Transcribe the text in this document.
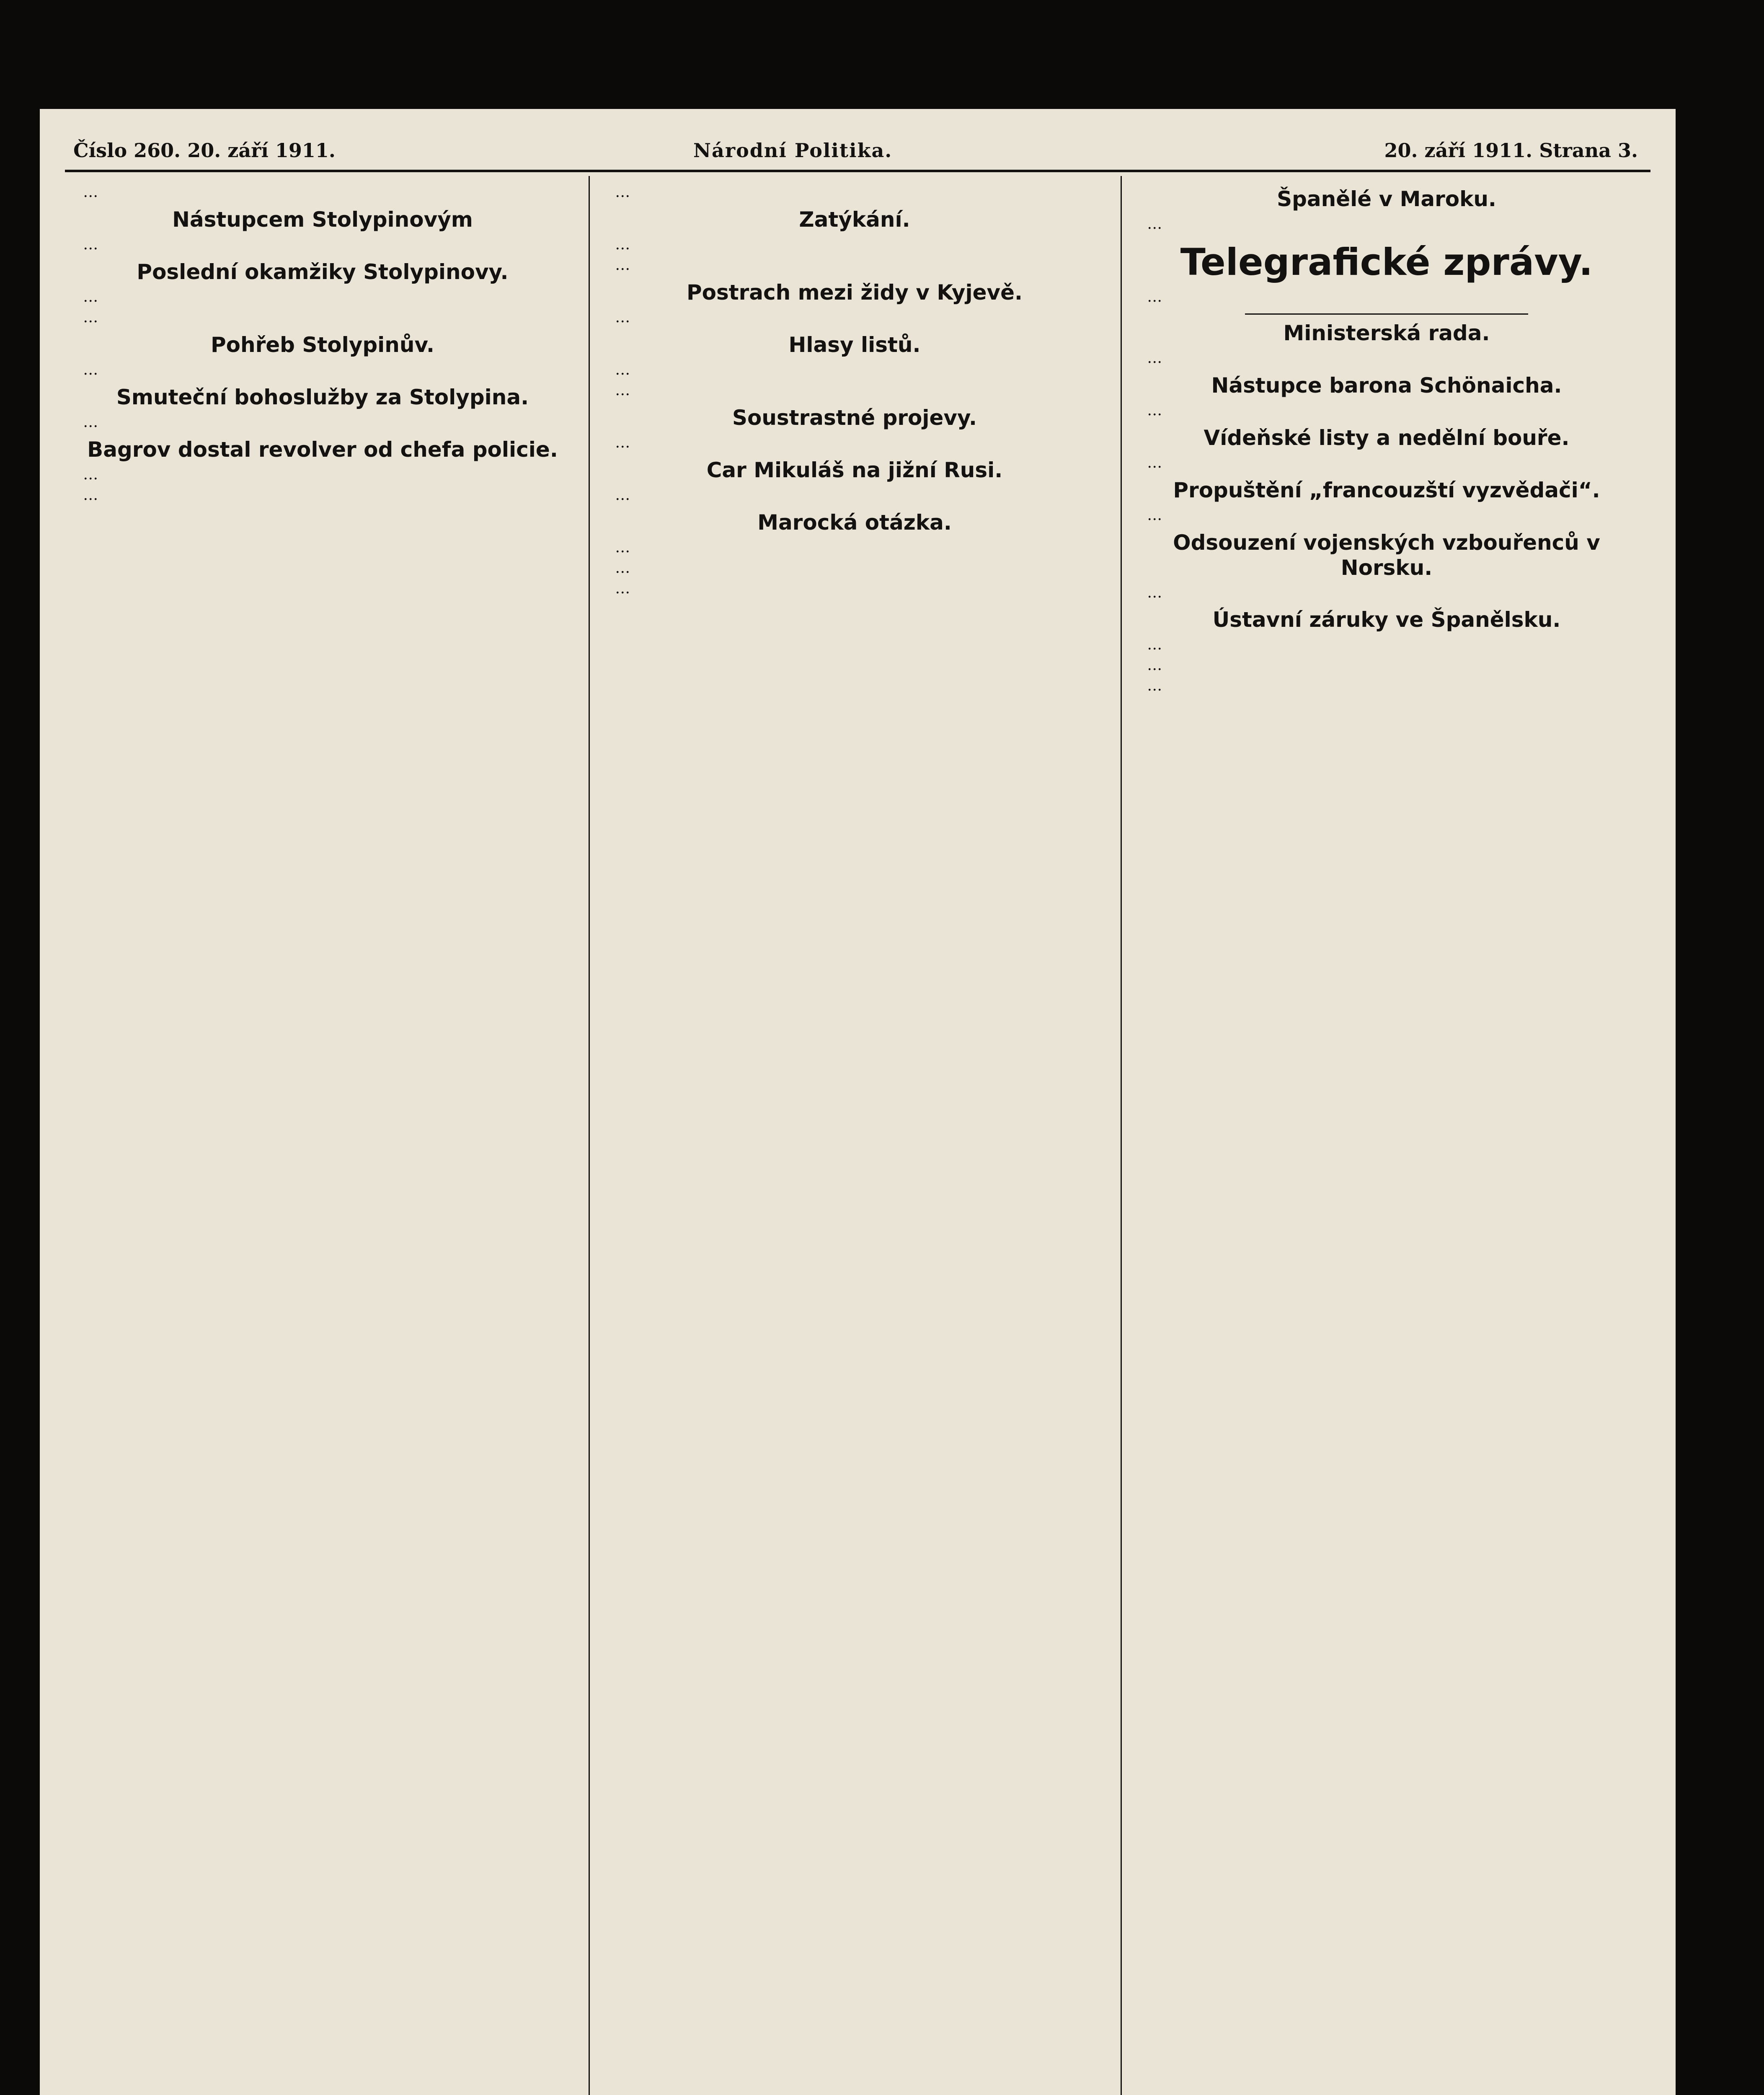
Číslo 260. 20. září 1911.	Národní Politika.	20. září 1911. Strana 3.

…

Nástupcem Stolypinovým

…

Poslední okamžiky Stolypinovy.

…

…

Pohřeb Stolypinův.

…

Smuteční bohoslužby za Stolypina.

…

Bagrov dostal revolver od chefa policie.

…

…

…

Zatýkání.

…

…

Postrach mezi židy v Kyjevě.

…

Hlasy listů.

…

…

Soustrastné projevy.

…

Car Mikuláš na jižní Rusi.

…

Marocká otázka.

…

…

…

Španělé v Maroku.

…

Telegrafické zprávy.

…

Ministerská rada.

…

Nástupce barona Schönaicha.

…

Vídeňské listy a nedělní bouře.

…

Propuštění „francouzští vyzvědači“.

…

Odsouzení vojenských vzbouřenců v Norsku.

…

Ústavní záruky ve Španělsku.

…

…

…
